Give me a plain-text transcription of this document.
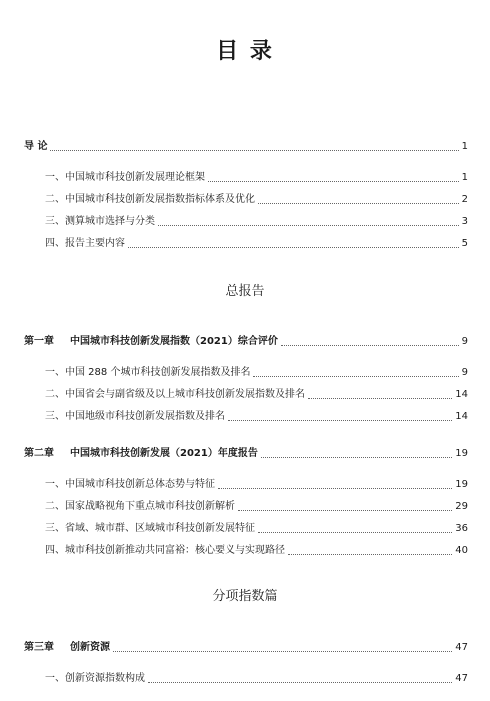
目 录
导 论	1
一、中国城市科技创新发展理论框架	1
二、中国城市科技创新发展指数指标体系及优化	2
三、测算城市选择与分类	3
四、报告主要内容	5
总报告
第一章 中国城市科技创新发展指数（2021）综合评价	9
一、中国 288 个城市科技创新发展指数及排名	9
二、中国省会与副省级及以上城市科技创新发展指数及排名	14
三、中国地级市科技创新发展指数及排名	14
第二章 中国城市科技创新发展（2021）年度报告	19
一、中国城市科技创新总体态势与特征	19
二、国家战略视角下重点城市科技创新解析	29
三、省域、城市群、区域城市科技创新发展特征	36
四、城市科技创新推动共同富裕：核心要义与实现路径	40
分项指数篇
第三章 创新资源	47
一、创新资源指数构成	47
